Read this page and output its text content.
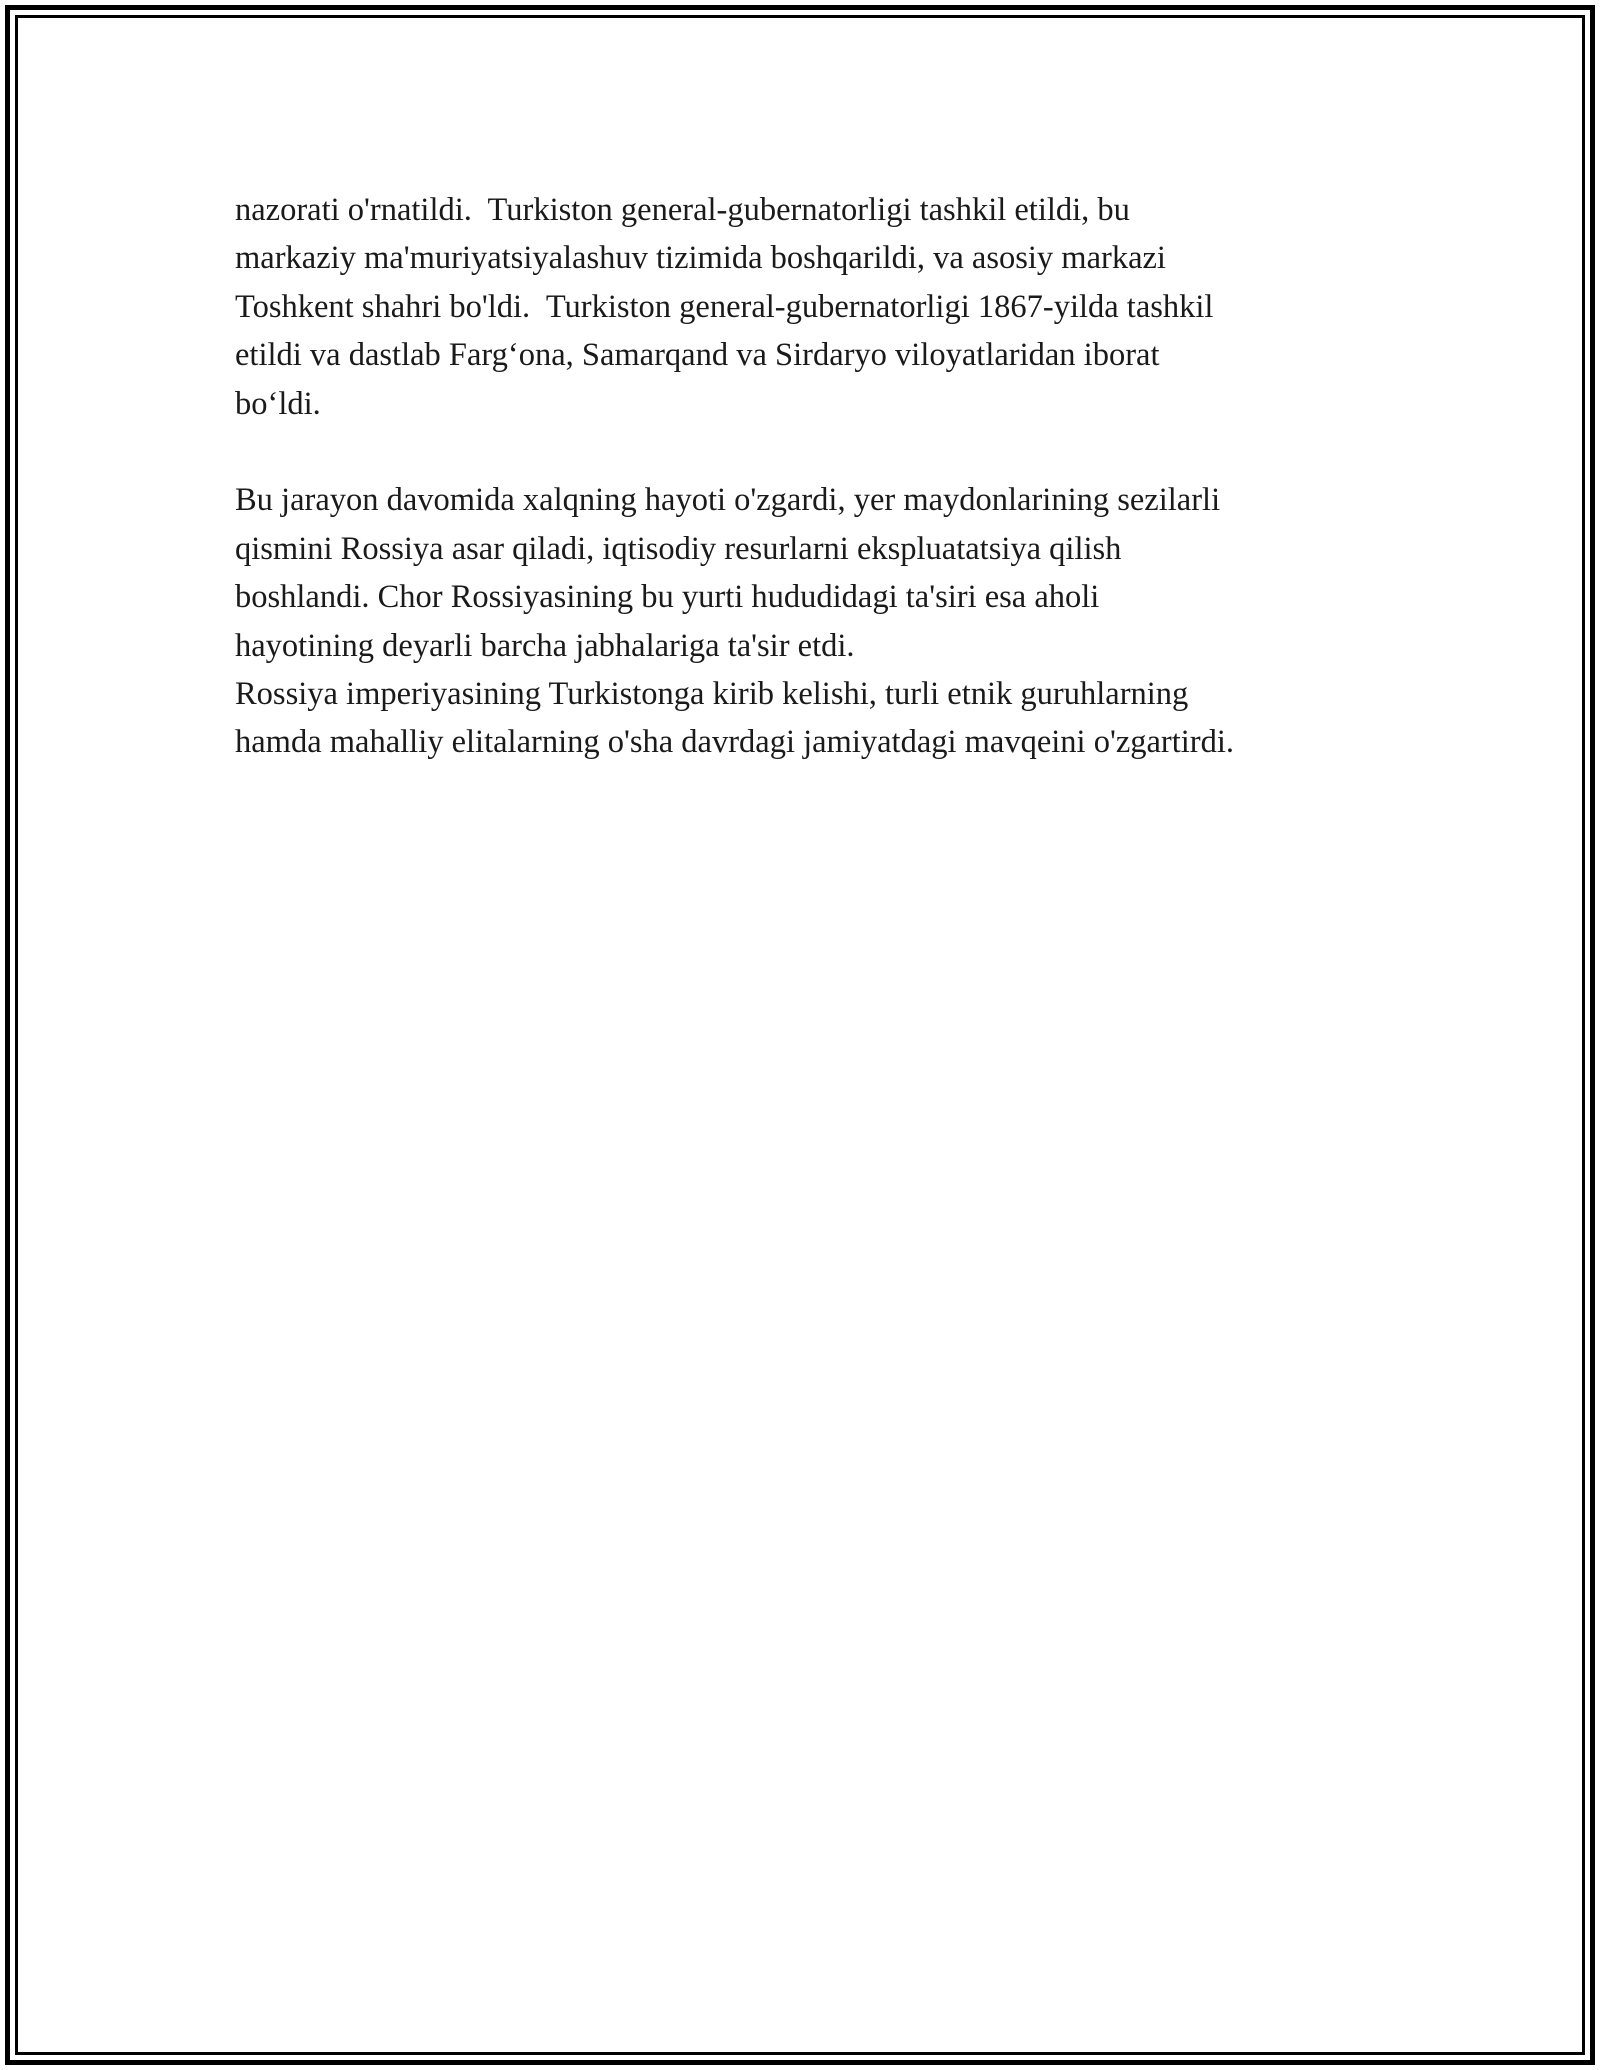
nazorati o'rnatildi.  Turkiston general-gubernatorligi tashkil etildi, bu
markaziy ma'muriyatsiyalashuv tizimida boshqarildi, va asosiy markazi
Toshkent shahri bo'ldi.  Turkiston general-gubernatorligi 1867-yilda tashkil
etildi va dastlab Farg‘ona, Samarqand va Sirdaryo viloyatlaridan iborat
bo‘ldi.
Bu jarayon davomida xalqning hayoti o'zgardi, yer maydonlarining sezilarli
qismini Rossiya asar qiladi, iqtisodiy resurlarni ekspluatatsiya qilish
boshlandi. Chor Rossiyasining bu yurti hududidagi ta'siri esa aholi
hayotining deyarli barcha jabhalariga ta'sir etdi.
Rossiya imperiyasining Turkistonga kirib kelishi, turli etnik guruhlarning
hamda mahalliy elitalarning o'sha davrdagi jamiyatdagi mavqeini o'zgartirdi.
